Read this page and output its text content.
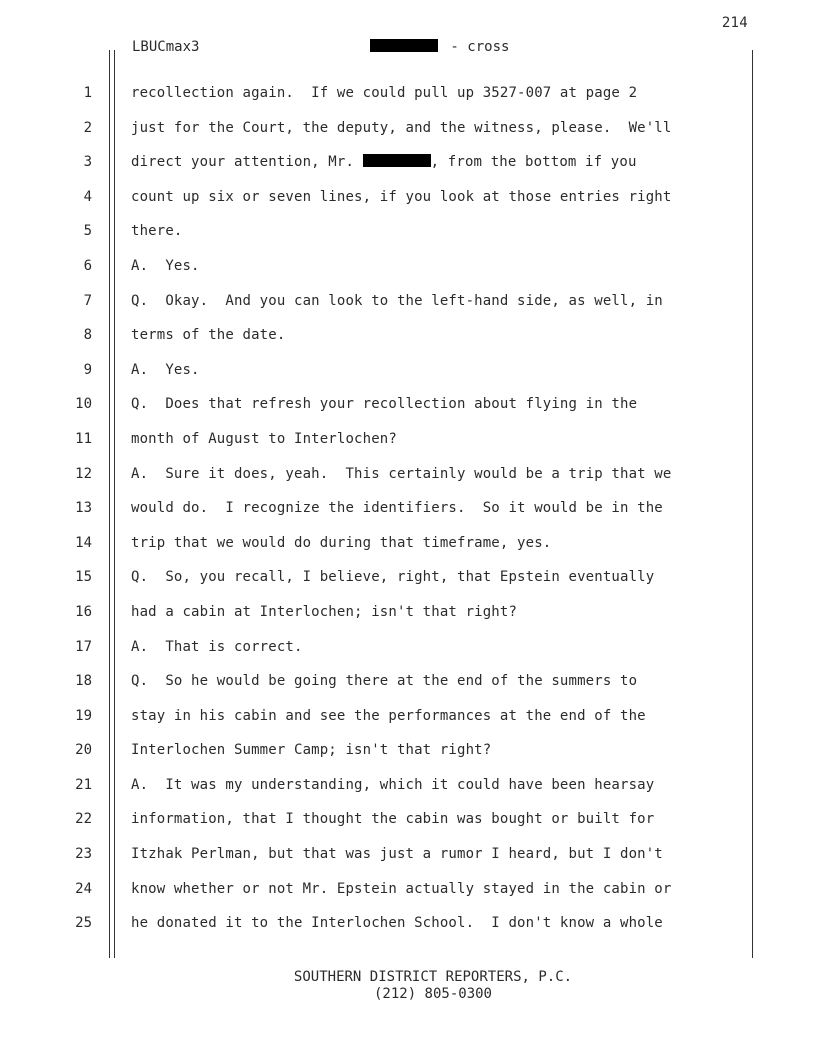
214
LBUCmax3	- cross
1	recollection again.  If we could pull up 3527-007 at page 2
2	just for the Court, the deputy, and the witness, please.  We'll
3	direct your attention, Mr.	, from the bottom if you
4	count up six or seven lines, if you look at those entries right
5	there.
6	A.  Yes.
7	Q.  Okay.  And you can look to the left-hand side, as well, in
8	terms of the date.
9	A.  Yes.
10	Q.  Does that refresh your recollection about flying in the
11	month of August to Interlochen?
12	A.  Sure it does, yeah.  This certainly would be a trip that we
13	would do.  I recognize the identifiers.  So it would be in the
14	trip that we would do during that timeframe, yes.
15	Q.  So, you recall, I believe, right, that Epstein eventually
16	had a cabin at Interlochen; isn't that right?
17	A.  That is correct.
18	Q.  So he would be going there at the end of the summers to
19	stay in his cabin and see the performances at the end of the
20	Interlochen Summer Camp; isn't that right?
21	A.  It was my understanding, which it could have been hearsay
22	information, that I thought the cabin was bought or built for
23	Itzhak Perlman, but that was just a rumor I heard, but I don't
24	know whether or not Mr. Epstein actually stayed in the cabin or
25	he donated it to the Interlochen School.  I don't know a whole
SOUTHERN DISTRICT REPORTERS, P.C.
(212) 805-0300
